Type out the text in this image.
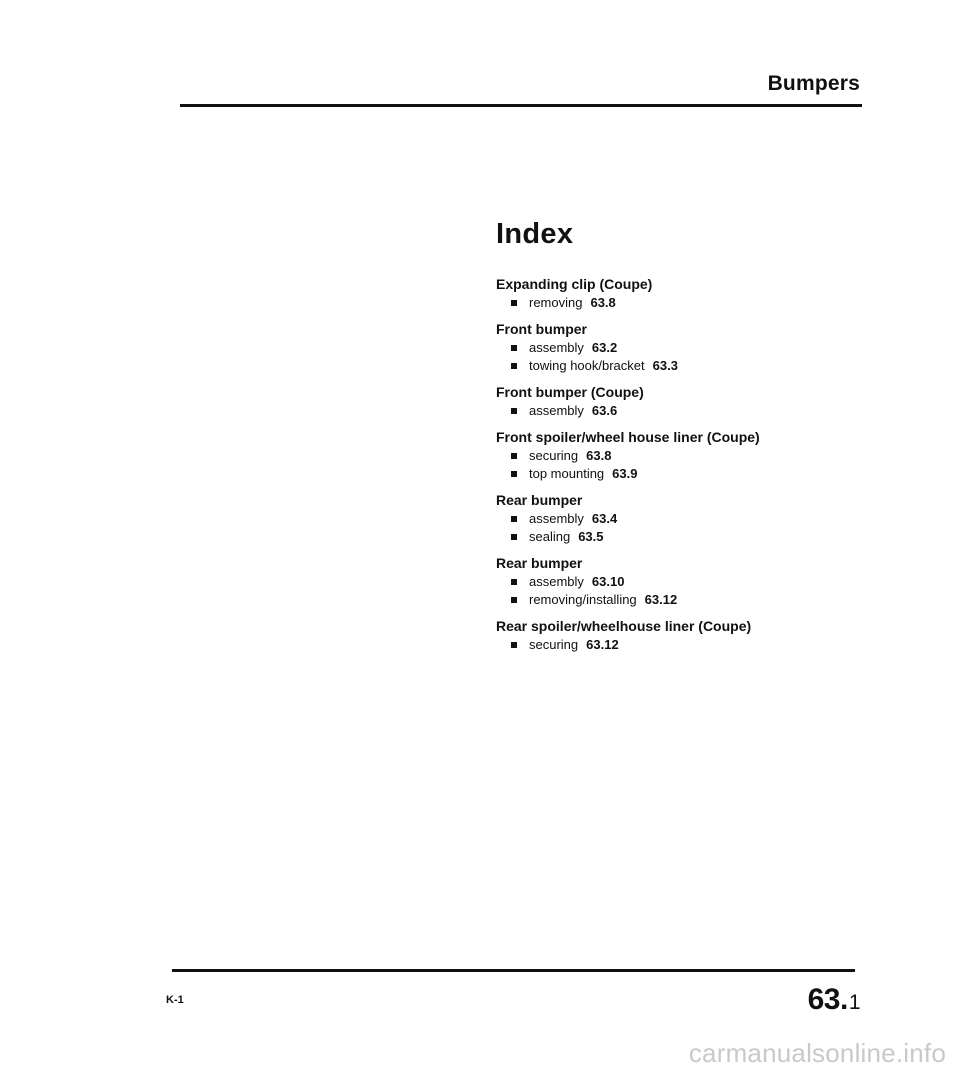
Bumpers
Index
Expanding clip (Coupe)
removing 63.8
Front bumper
assembly 63.2
towing hook/bracket 63.3
Front bumper (Coupe)
assembly 63.6
Front spoiler/wheel house liner (Coupe)
securing 63.8
top mounting 63.9
Rear bumper
assembly 63.4
sealing 63.5
Rear bumper
assembly 63.10
removing/installing 63.12
Rear spoiler/wheelhouse liner (Coupe)
securing 63.12
K-1	63.1
carmanualsonline.info
